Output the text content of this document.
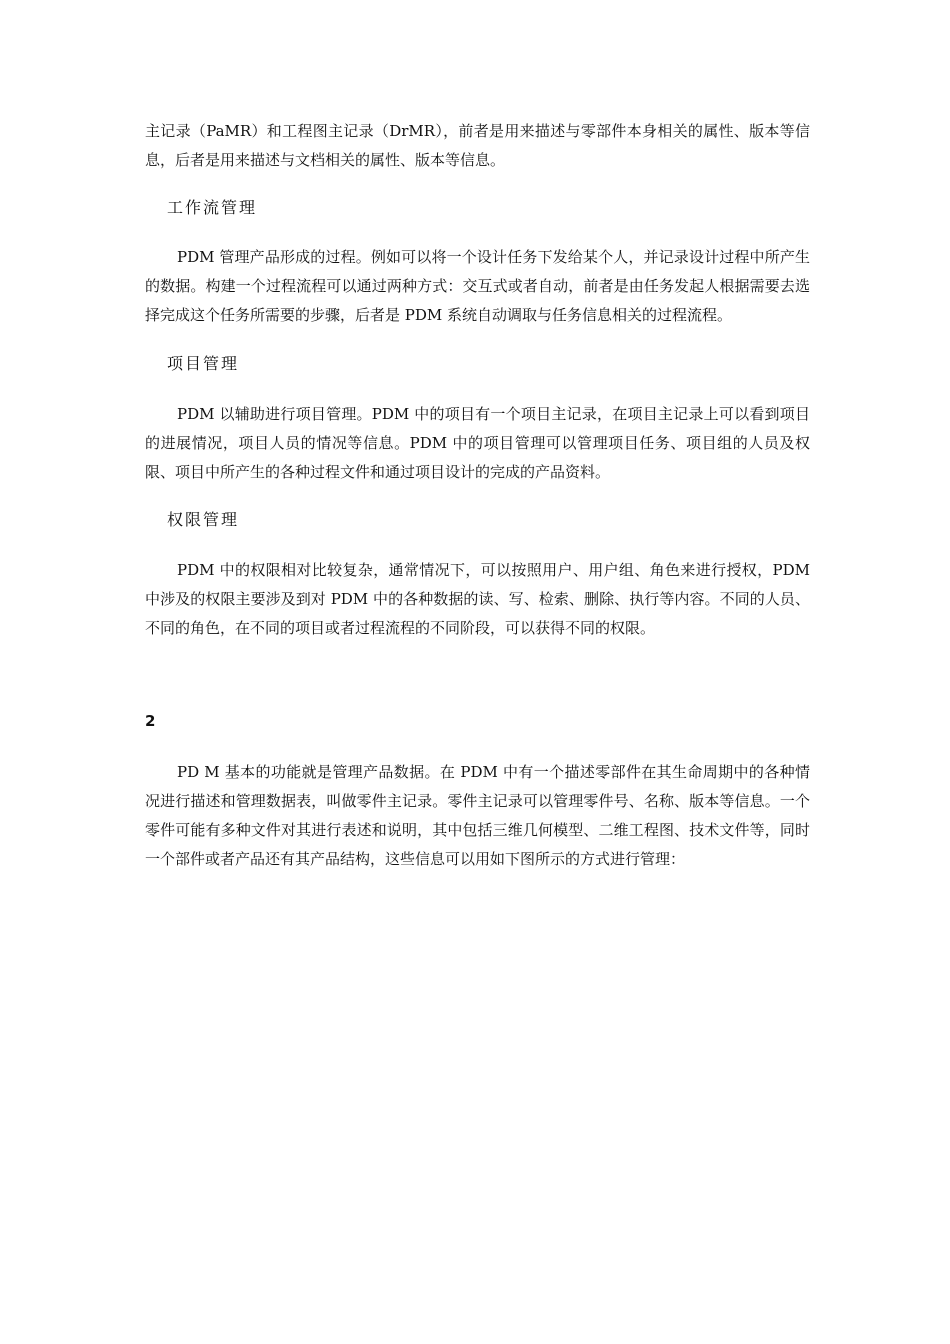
主记录（PaMR）和工程图主记录（DrMR），前者是用来描述与零部件本身相关的属性、版本等信息，后者是用来描述与文档相关的属性、版本等信息。
工作流管理
PDM 管理产品形成的过程。例如可以将一个设计任务下发给某个人，并记录设计过程中所产生的数据。构建一个过程流程可以通过两种方式：交互式或者自动，前者是由任务发起人根据需要去选择完成这个任务所需要的步骤，后者是 PDM 系统自动调取与任务信息相关的过程流程。
项目管理
PDM 以辅助进行项目管理。PDM 中的项目有一个项目主记录，在项目主记录上可以看到项目的进展情况，项目人员的情况等信息。PDM 中的项目管理可以管理项目任务、项目组的人员及权限、项目中所产生的各种过程文件和通过项目设计的完成的产品资料。
权限管理
PDM 中的权限相对比较复杂，通常情况下，可以按照用户、用户组、角色来进行授权，PDM中涉及的权限主要涉及到对 PDM 中的各种数据的读、写、检索、删除、执行等内容。不同的人员、不同的角色，在不同的项目或者过程流程的不同阶段，可以获得不同的权限。
2
PD M 基本的功能就是管理产品数据。在 PDM 中有一个描述零部件在其生命周期中的各种情况进行描述和管理数据表，叫做零件主记录。零件主记录可以管理零件号、名称、版本等信息。一个零件可能有多种文件对其进行表述和说明，其中包括三维几何模型、二维工程图、技术文件等，同时一个部件或者产品还有其产品结构，这些信息可以用如下图所示的方式进行管理：
